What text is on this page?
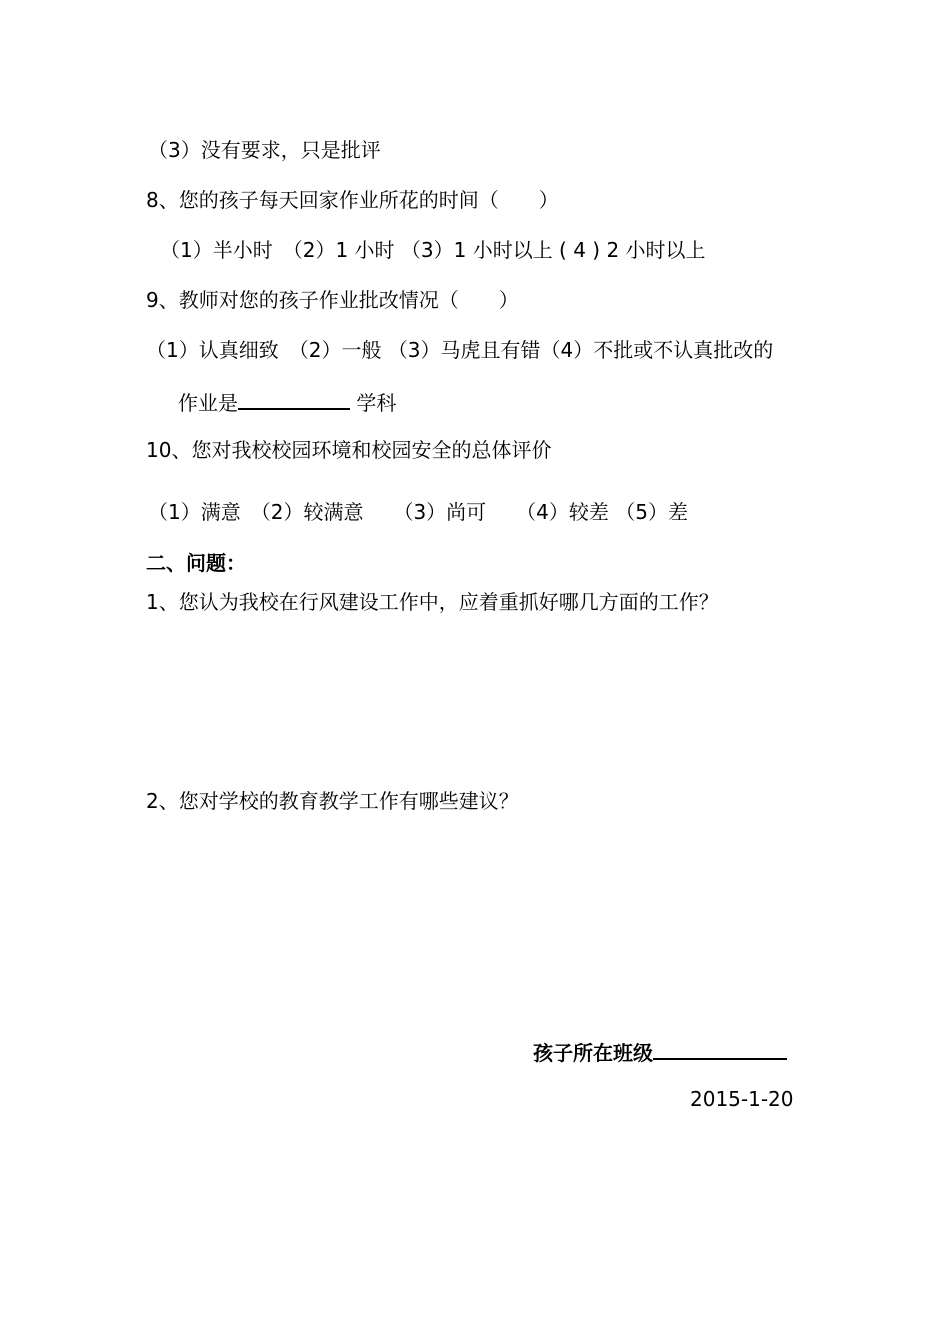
（3）没有要求，只是批评
8、您的孩子每天回家作业所花的时间（　　）
（1）半小时　（2）1 小时 （3）1 小时以上 ( 4 ) 2 小时以上
9、教师对您的孩子作业批改情况（　　）
（1）认真细致　（2）一般 （3）马虎且有错（4）不批或不认真批改的
作业是	学科
10、您对我校校园环境和校园安全的总体评价
（1）满意　（2）较满意　　（3）尚可　　（4）较差 （5）差
二、问题：
1、您认为我校在行风建设工作中，应着重抓好哪几方面的工作？
2、您对学校的教育教学工作有哪些建议？
孩子所在班级
2015-1-20
